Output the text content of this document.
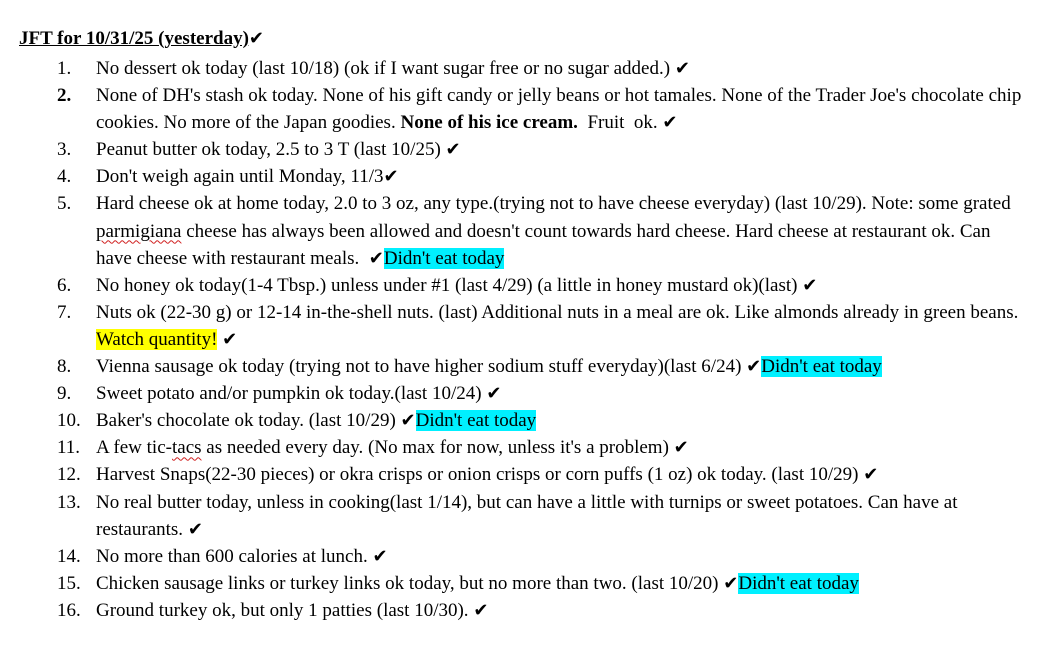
JFT for 10/31/25 (yesterday)✔
1.	No dessert ok today (last 10/18) (ok if I want sugar free or no sugar added.) ✔
2.	None of DH's stash ok today. None of his gift candy or jelly beans or hot tamales. None of the Trader Joe's chocolate chip cookies. No more of the Japan goodies. None of his ice cream.  Fruit  ok. ✔
3.	Peanut butter ok today, 2.5 to 3 T (last 10/25) ✔
4.	Don't weigh again until Monday, 11/3✔
5.	Hard cheese ok at home today, 2.0 to 3 oz, any type.(trying not to have cheese everyday) (last 10/29). Note: some grated parmigiana cheese has always been allowed and doesn't count towards hard cheese. Hard cheese at restaurant ok. Can have cheese with restaurant meals. ✔Didn't eat today
6.	No honey ok today(1-4 Tbsp.) unless under #1 (last 4/29) (a little in honey mustard ok)(last) ✔
7.	Nuts ok (22-30 g) or 12-14 in-the-shell nuts. (last) Additional nuts in a meal are ok. Like almonds already in green beans. Watch quantity! ✔
8.	Vienna sausage ok today (trying not to have higher sodium stuff everyday)(last 6/24) ✔Didn't eat today
9.	Sweet potato and/or pumpkin ok today.(last 10/24) ✔
10. Baker's chocolate ok today. (last 10/29) ✔Didn't eat today
11. A few tic-tacs as needed every day. (No max for now, unless it's a problem) ✔
12. Harvest Snaps(22-30 pieces) or okra crisps or onion crisps or corn puffs (1 oz) ok today. (last 10/29) ✔
13. No real butter today, unless in cooking(last 1/14), but can have a little with turnips or sweet potatoes. Can have at restaurants. ✔
14. No more than 600 calories at lunch. ✔
15. Chicken sausage links or turkey links ok today, but no more than two. (last 10/20) ✔Didn't eat today
16. Ground turkey ok, but only 1 patties (last 10/30). ✔
